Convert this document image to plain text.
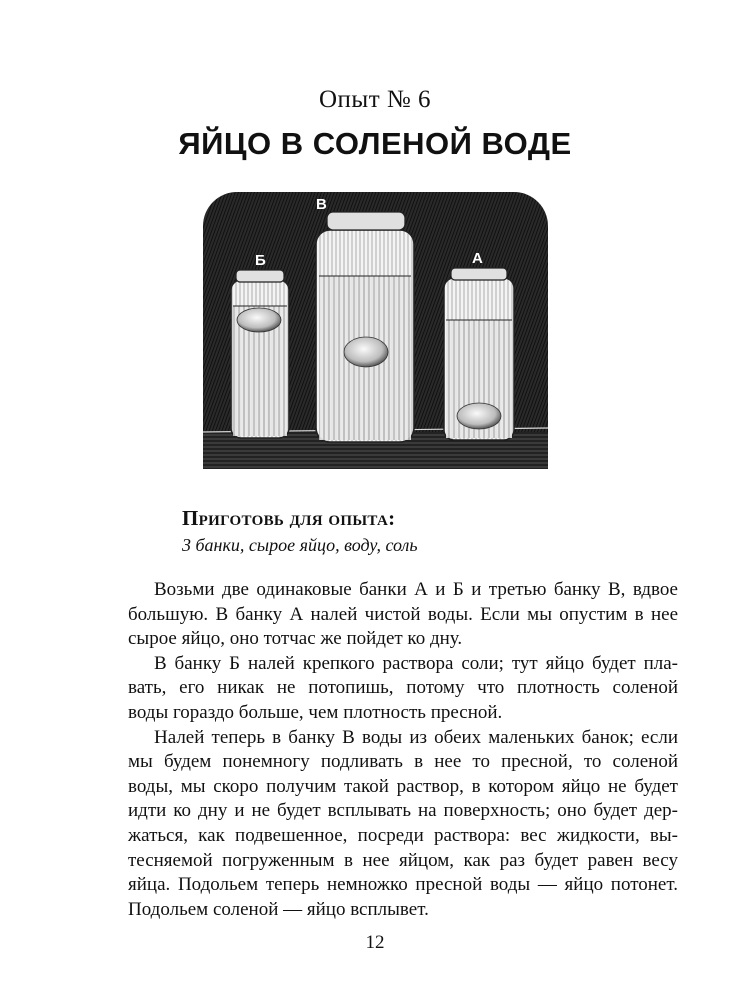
Опыт № 6
ЯЙЦО В СОЛЕНОЙ ВОДЕ
Б
В
А
Приготовь для опыта:
3 банки, сырое яйцо, воду, соль
Возьми две одинаковые банки А и Б и третью банку В, вдвое
большую. В банку А налей чистой воды. Если мы опустим в нее
сырое яйцо, оно тотчас же пойдет ко дну.
В банку Б налей крепкого раствора соли; тут яйцо будет пла-
вать, его никак не потопишь, потому что плотность соленой
воды гораздо больше, чем плотность пресной.
Налей теперь в банку В воды из обеих маленьких банок; если
мы будем понемногу подливать в нее то пресной, то соленой
воды, мы скоро получим такой раствор, в котором яйцо не будет
идти ко дну и не будет всплывать на поверхность; оно будет дер-
жаться, как подвешенное, посреди раствора: вес жидкости, вы-
тесняемой погруженным в нее яйцом, как раз будет равен весу
яйца. Подольем теперь немножко пресной воды — яйцо потонет.
Подольем соленой — яйцо всплывет.
12
